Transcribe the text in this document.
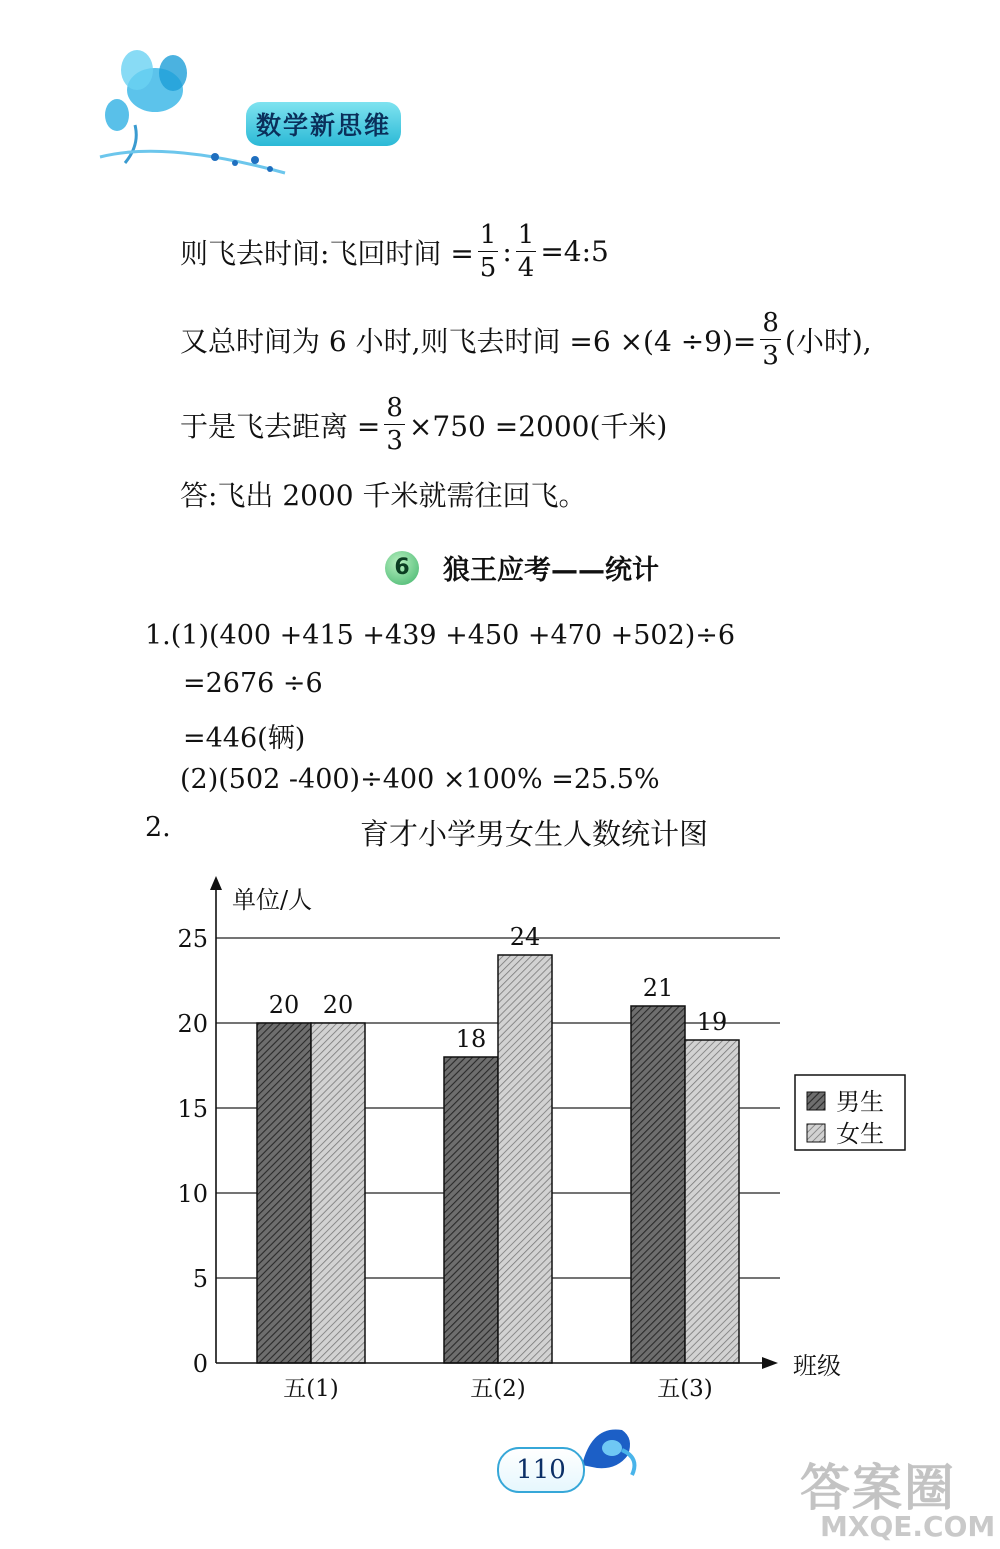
数学新思维
则飞去时间:飞回时间 = $\frac{1}{5}$ : $\frac{1}{4}$ =4:5
又总时间为 6 小时,则飞去时间 $=6 \times(4 \div 9)= \frac{8}{3}$ (小时),
于是飞去距离 = $\frac{8}{3} \times 750 =2000$(千米)
答:飞出 2000 千米就需往回飞。
6	狼王应考——统计
1.(1)(400 +415 +439 +450 +470 +502)÷6
=2676 ÷6
=446(辆)
(2)(502 -400)÷400 ×100% =25.5%
2.	育才小学男女生人数统计图
0
5
10
15
20
25
单位/人
班级
20 20
五(1)
18
24
五(2)
21
19
五(3)
男生
女生
110	答案圈
MXQE.COM
